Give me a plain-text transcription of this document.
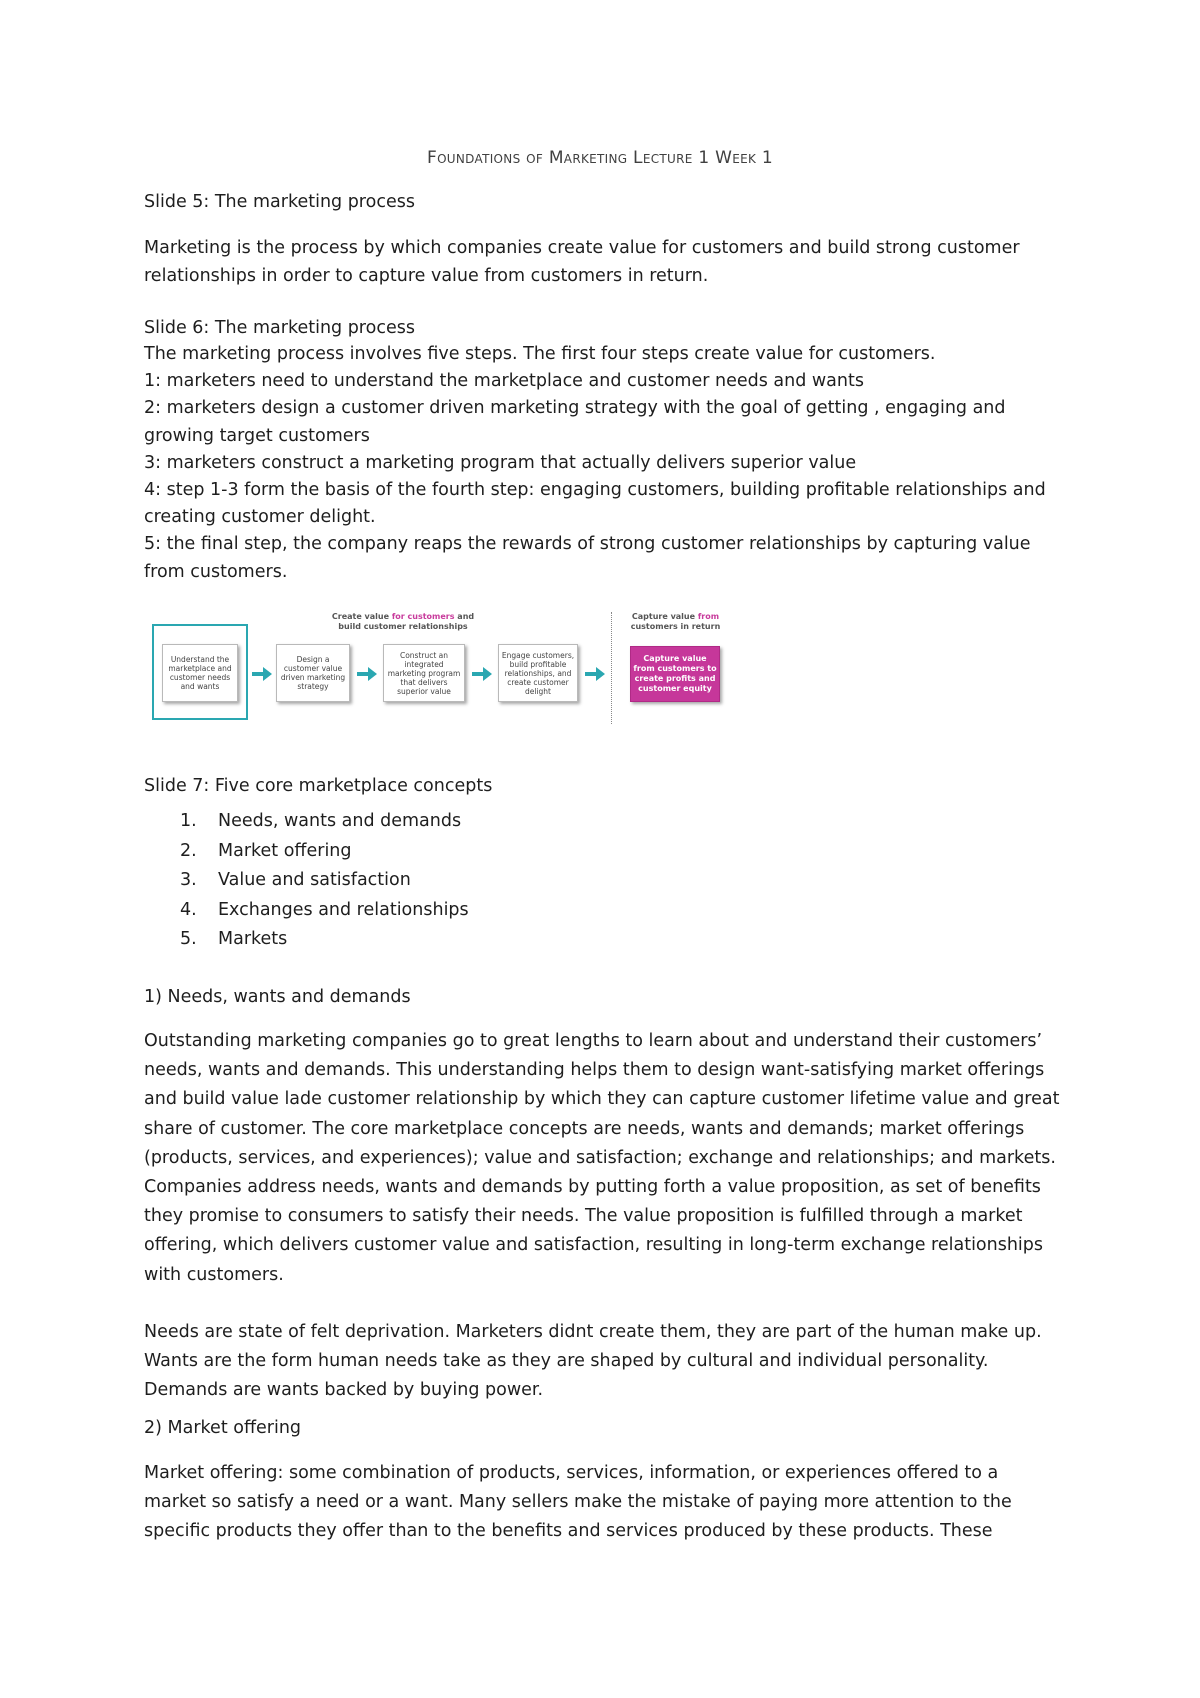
Foundations of Marketing Lecture 1 Week 1

Slide 5: The marketing process

Marketing is the process by which companies create value for customers and build strong customer relationships in order to capture value from customers in return.

Slide 6: The marketing process

The marketing process involves five steps. The first four steps create value for customers.
1: marketers need to understand the marketplace and customer needs and wants
2: marketers design a customer driven marketing strategy with the goal of getting , engaging and growing target customers
3: marketers construct a marketing program that actually delivers superior value
4: step 1-3 form the basis of the fourth step: engaging customers, building profitable relationships and creating customer delight.
5: the final step, the company reaps the rewards of strong customer relationships by capturing value from customers.
Create value for customers and
build customer relationships
Capture value from
customers in return
Understand the marketplace and customer needs and wants
Design a customer value driven marketing strategy
Construct an integrated marketing program that delivers superior value
Engage customers, build profitable relationships, and create customer delight
Capture value from customers to create profits and customer equity

Slide 7: Five core marketplace concepts

1. Needs, wants and demands
2. Market offering
3. Value and satisfaction
4. Exchanges and relationships
5. Markets

1) Needs, wants and demands

Outstanding marketing companies go to great lengths to learn about and understand their customers’ needs, wants and demands. This understanding helps them to design want-satisfying market offerings and build value lade customer relationship by which they can capture customer lifetime value and great share of customer. The core marketplace concepts are needs, wants and demands; market offerings (products, services, and experiences); value and satisfaction; exchange and relationships; and markets. Companies address needs, wants and demands by putting forth a value proposition, as set of benefits they promise to consumers to satisfy their needs. The value proposition is fulfilled through a market offering, which delivers customer value and satisfaction, resulting in long-term exchange relationships with customers.

Needs are state of felt deprivation. Marketers didnt create them, they are part of the human make up. Wants are the form human needs take as they are shaped by cultural and individual personality. Demands are wants backed by buying power.

2) Market offering

Market offering: some combination of products, services, information, or experiences offered to a market so satisfy a need or a want. Many sellers make the mistake of paying more attention to the specific products they offer than to the benefits and services produced by these products. These
